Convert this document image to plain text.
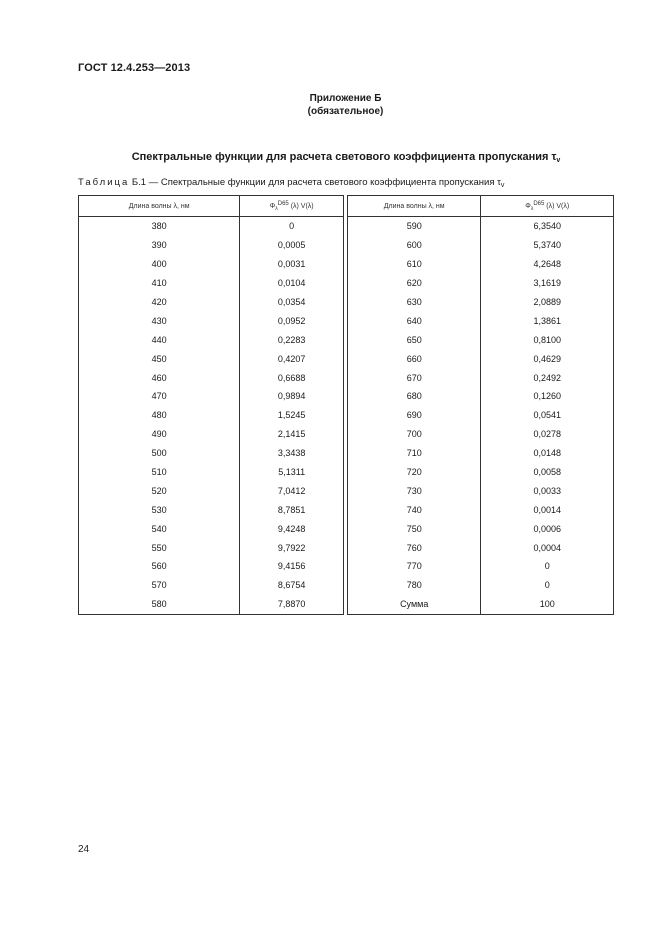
ГОСТ 12.4.253—2013
Приложение Б
(обязательное)
Спектральные функции для расчета светового коэффициента пропускания $\tau_v$
Таблица Б.1 — Спектральные функции для расчета светового коэффициента пропускания $\tau_v$
Длина волны λ, нм	$\Phi_\lambda^{D65}$ (λ) V(λ)		Длина волны λ, нм	$\Phi_\lambda^{D65}$ (λ) V(λ)
380	0		590	6,3540
390	0,0005		600	5,3740
400	0,0031		610	4,2648
410	0,0104		620	3,1619
420	0,0354		630	2,0889
430	0,0952		640	1,3861
440	0,2283		650	0,8100
450	0,4207		660	0,4629
460	0,6688		670	0,2492
470	0,9894		680	0,1260
480	1,5245		690	0,0541
490	2,1415		700	0,0278
500	3,3438		710	0,0148
510	5,1311		720	0,0058
520	7,0412		730	0,0033
530	8,7851		740	0,0014
540	9,4248		750	0,0006
550	9,7922		760	0,0004
560	9,4156		770	0
570	8,6754		780	0
580	7,8870		Сумма	100
24
